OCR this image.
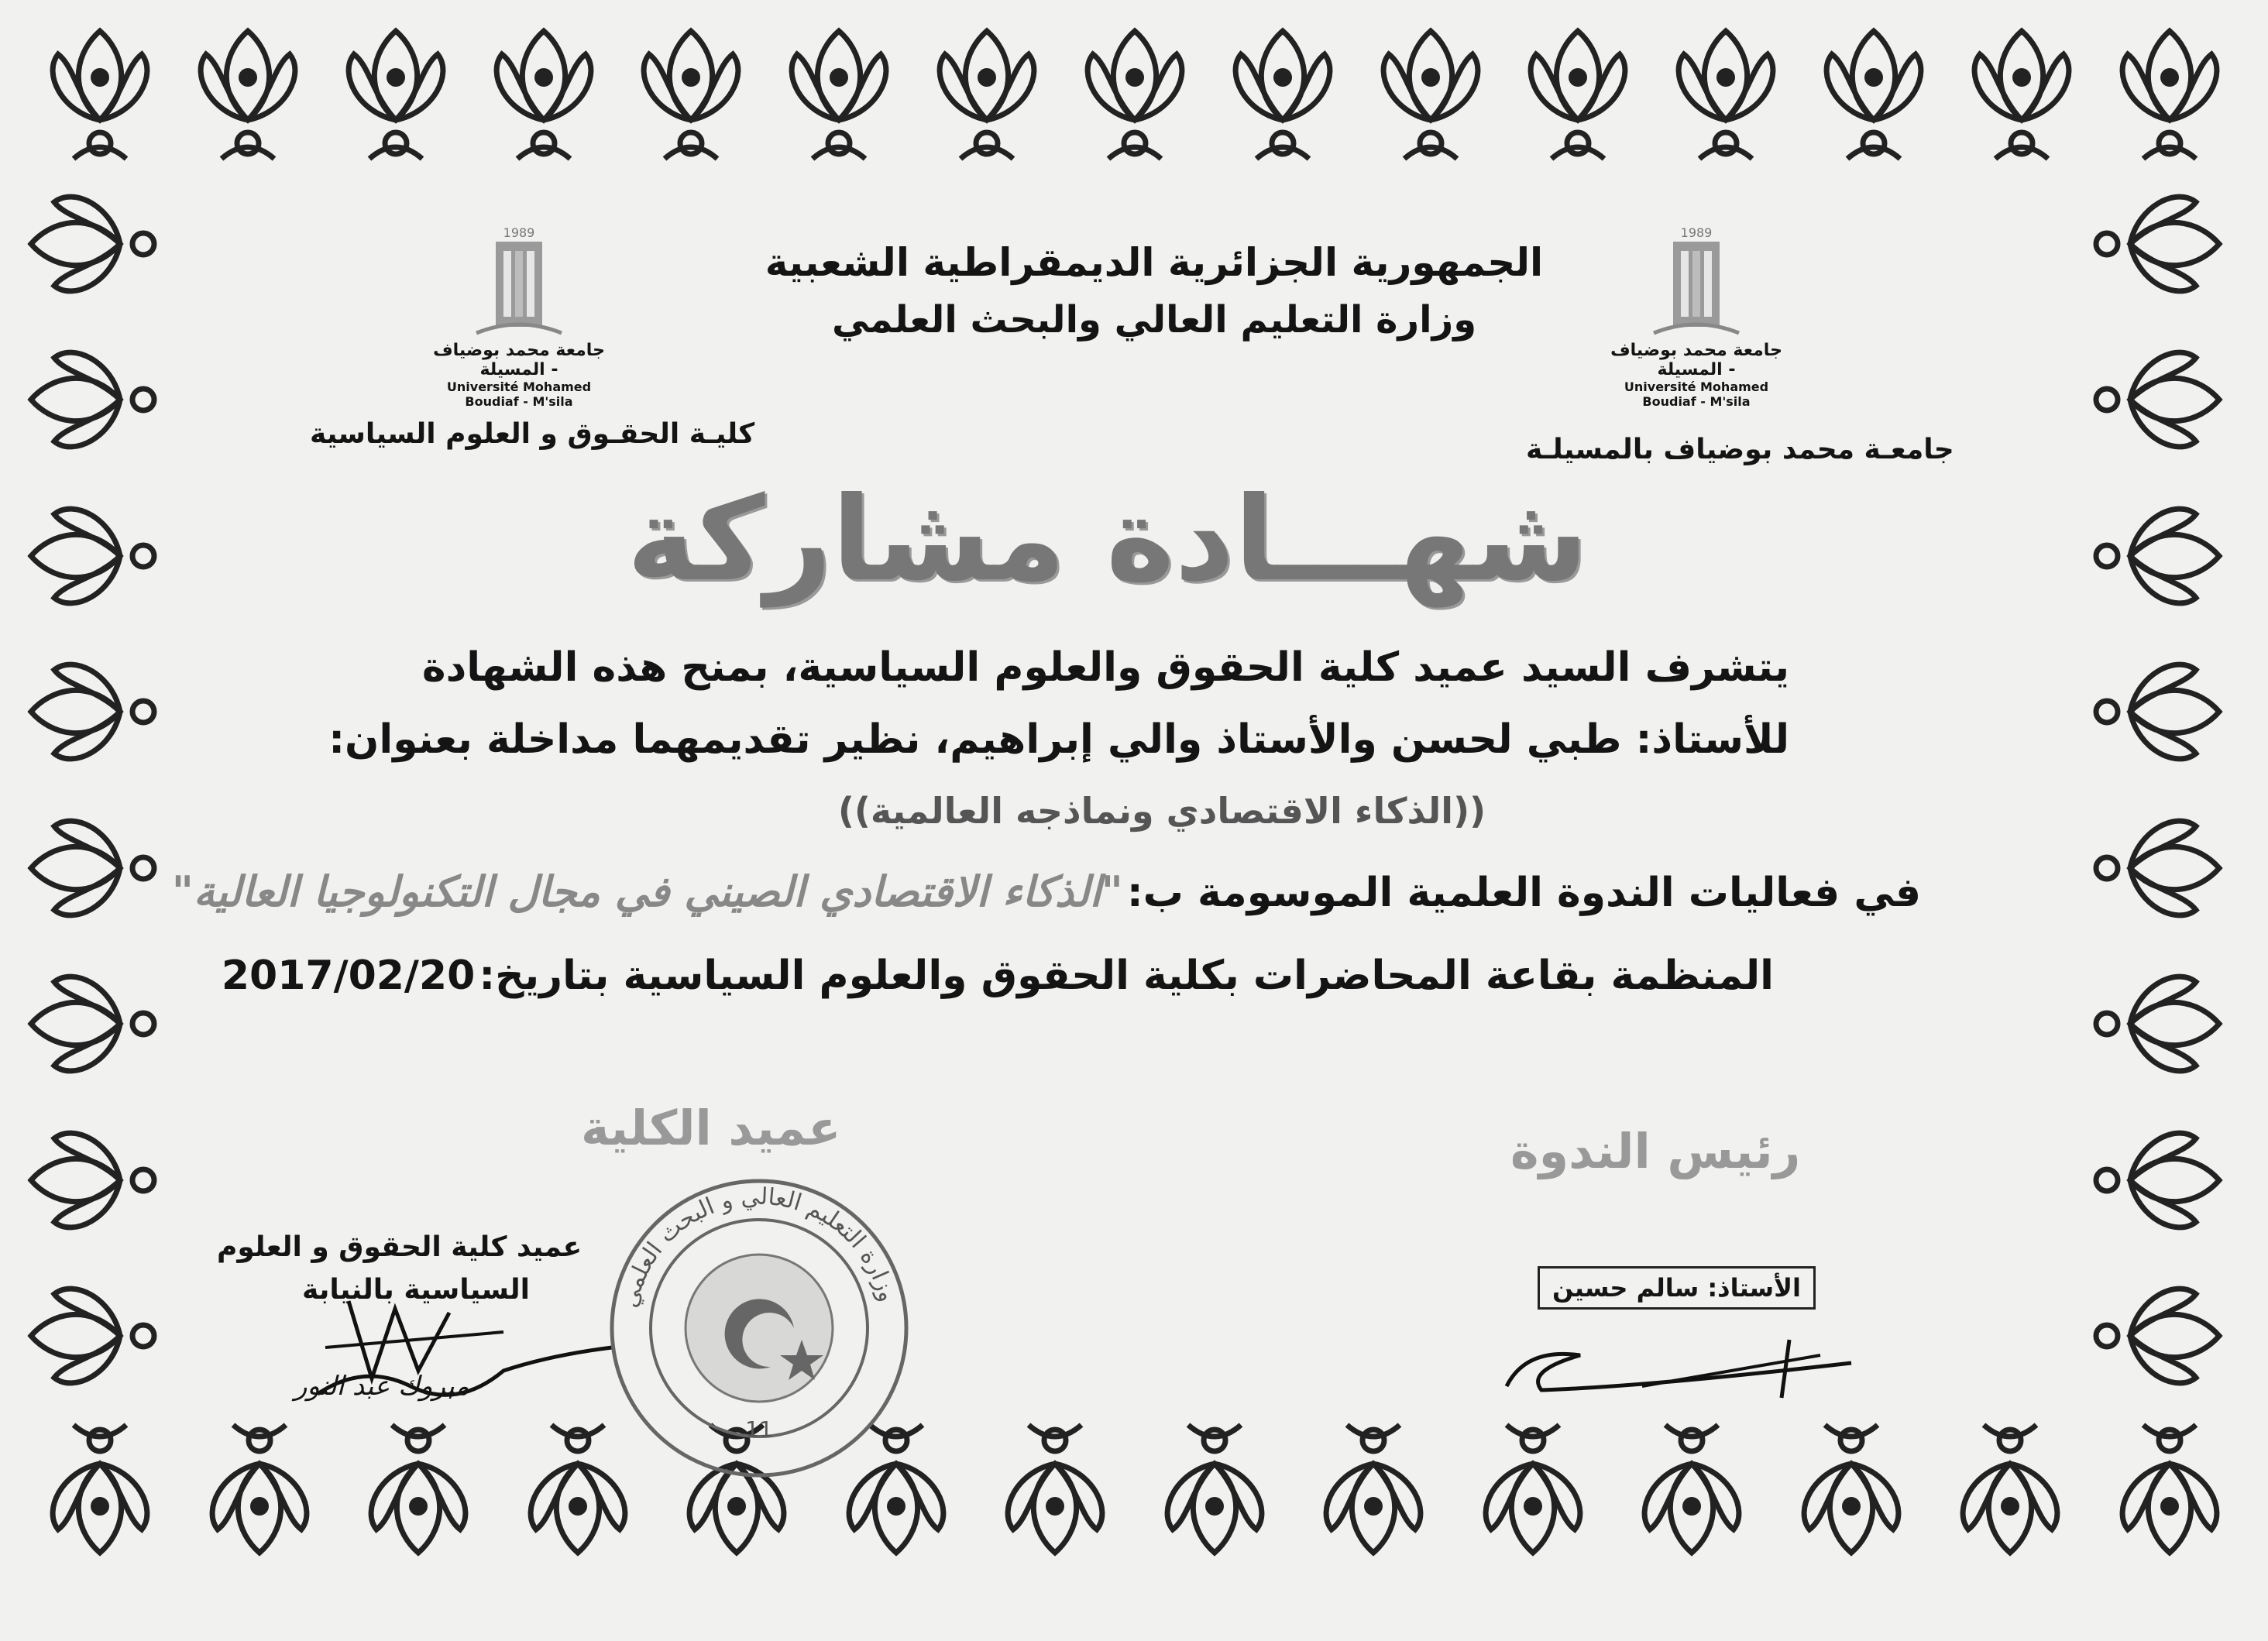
الجمهورية الجزائرية الديمقراطية الشعبية
وزارة التعليم العالي والبحث العلمي
1989
جامعة محمد بوضياف - المسيلة
Université Mohamed Boudiaf - M'sila
1989
جامعة محمد بوضياف - المسيلة
Université Mohamed Boudiaf - M'sila
كليـة الحقـوق و العلوم السياسية	جامعـة محمد بوضياف بالمسيلـة
شهـــادة مشاركة
يتشرف السيد عميد كلية الحقوق والعلوم السياسية، بمنح هذه الشهادة
للأستاذ: طبي لحسن والأستاذ والي إبراهيم، نظير تقديمهما مداخلة بعنوان:
((الذكاء الاقتصادي ونماذجه العالمية))
في فعاليات الندوة العلمية الموسومة ب: "الذكاء الاقتصادي الصيني في مجال التكنولوجيا العالية"
المنظمة بقاعة المحاضرات بكلية الحقوق والعلوم السياسية بتاريخ: 2017/02/20
عميد الكلية	رئيس الندوة
عميد كلية الحقوق و العلوم
السياسية بالنيابة
مبروك عبد النور
وزارة التعليم العالي و البحث العلمي
11
الأستاذ: سالم حسين
